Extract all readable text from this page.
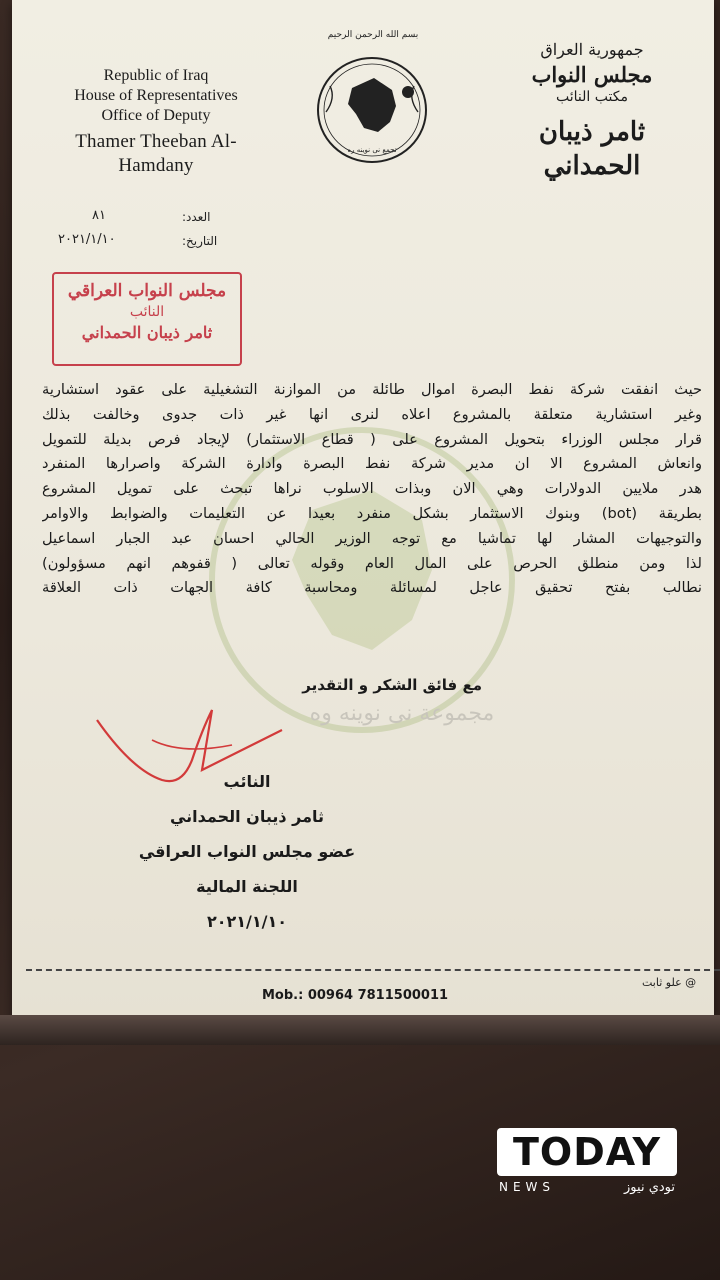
Republic of Iraq
House of Representatives
Office of Deputy
Thamer Theeban Al-Hamdany
بسم الله الرحمن الرحيم
تجمع نى نوينه ره
جمهورية العراق
مجلس النواب
مكتب النائب
ثامر ذيبان الحمداني
العدد:
٨١
التاريخ:
٢٠٢١/١/١٠
مجلس النواب العراقي
النائب
ثامر ذيبان الحمداني
مجموعة نى نوينه وه
حيث انفقت شركة نفط البصرة اموال طائلة من الموازنة التشغيلية على عقود استشارية
وغير استشارية متعلقة بالمشروع اعلاه لنرى انها غير ذات جدوى وخالفت بذلك
قرار مجلس الوزراء بتحويل المشروع على ( قطاع الاستثمار) لإيجاد فرص بديلة للتمويل
وانعاش المشروع الا ان مدير شركة نفط البصرة وادارة الشركة واصرارها المنفرد
هدر ملايين الدولارات وهي الان وبذات الاسلوب نراها تبحث على تمويل المشروع
بطريقة (bot) وبنوك الاستثمار بشكل منفرد بعيدا عن التعليمات والضوابط والاوامر
والتوجيهات المشار لها تماشيا مع توجه الوزير الحالي احسان عبد الجبار اسماعيل
لذا ومن منطلق الحرص على المال العام وقوله تعالى ( قفوهم انهم مسؤولون)
نطالب بفتح تحقيق عاجل لمسائلة ومحاسبة كافة الجهات ذات العلاقة
مع فائق الشكر و التقدير
النائب
ثامر ذيبان الحمداني
عضو مجلس النواب العراقي
اللجنة المالية
٢٠٢١/١/١٠
@ علو ثابت
Mob.: 00964 7811500011
TODAY
NEWS	تودي نيوز
